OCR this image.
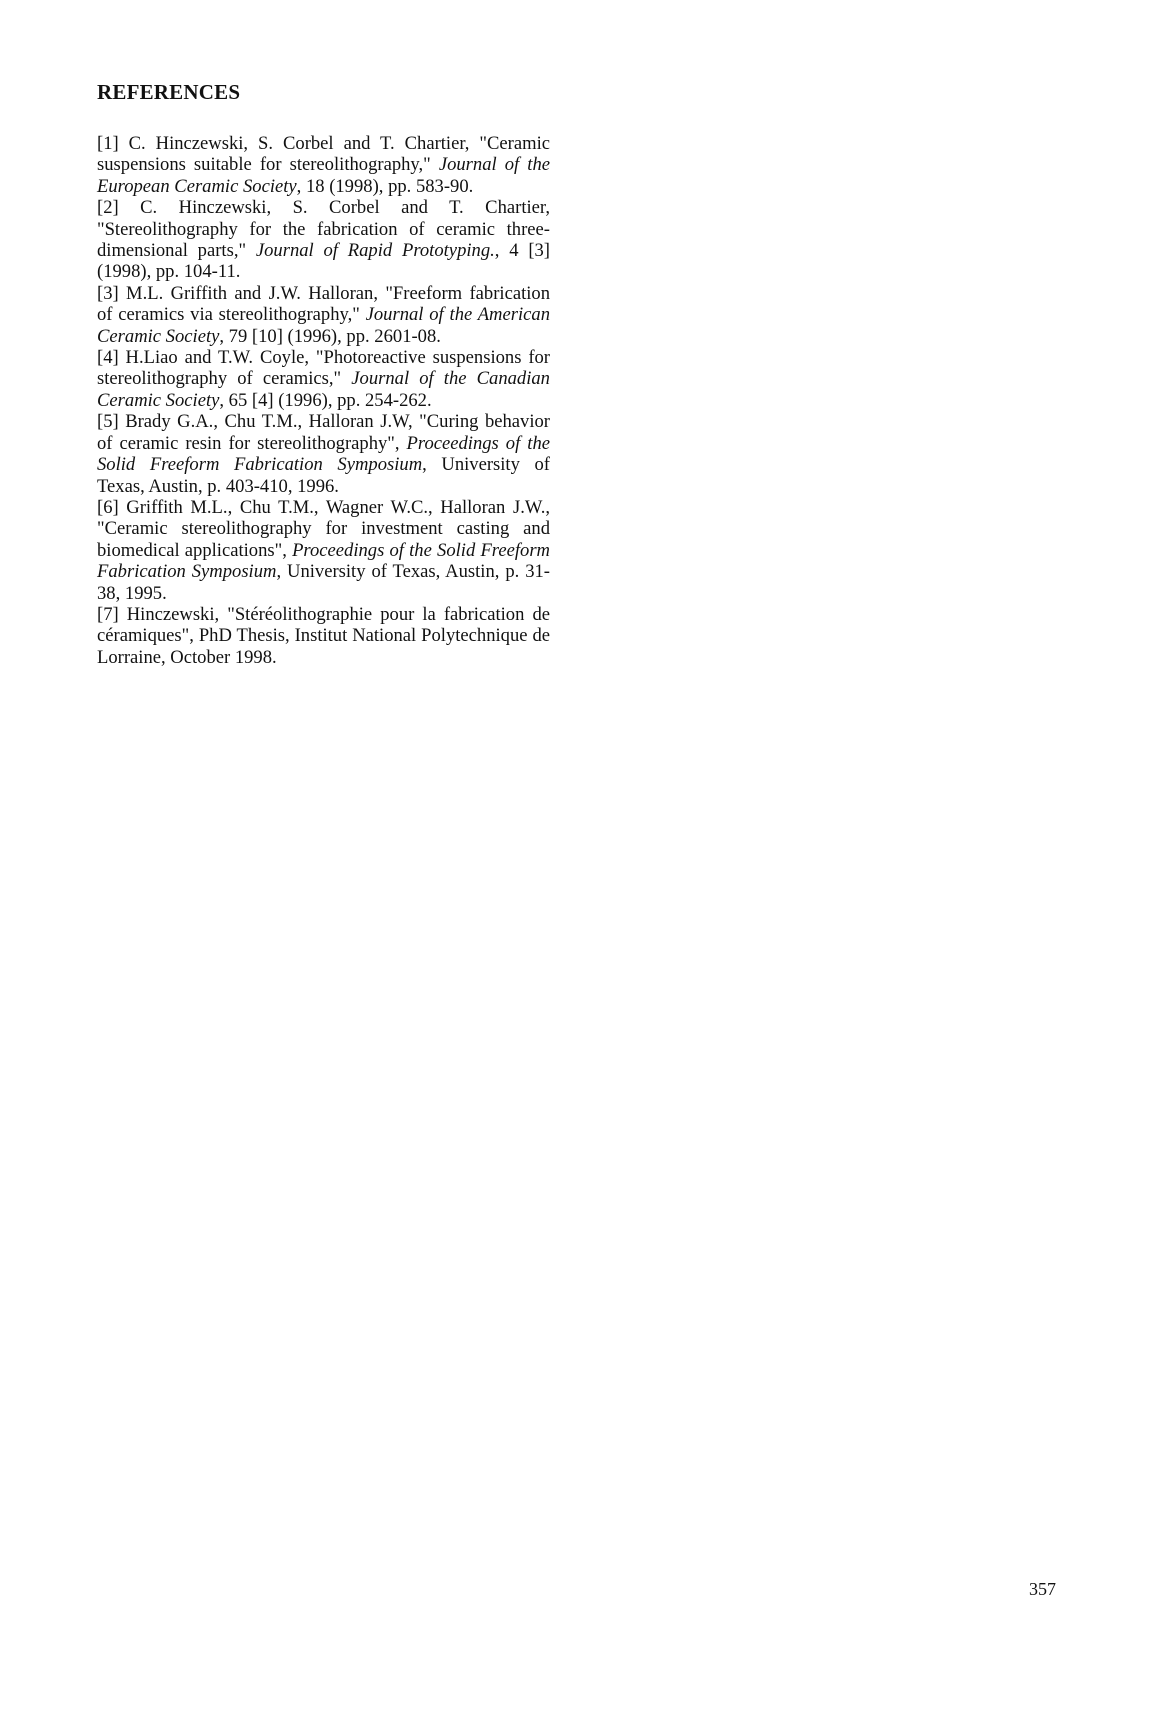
REFERENCES

[1] C. Hinczewski, S. Corbel and T. Chartier, "Ceramic suspensions suitable for stereolithography," Journal of the European Ceramic Society, 18 (1998), pp. 583-90.

[2] C. Hinczewski, S. Corbel and T. Chartier, "Stereolithography for the fabrication of ceramic three-dimensional parts," Journal of Rapid Prototyping., 4 [3] (1998), pp. 104-11.

[3] M.L. Griffith and J.W. Halloran, "Freeform fabrication of ceramics via stereolithography," Journal of the American Ceramic Society, 79 [10] (1996), pp. 2601-08.

[4] H.Liao and T.W. Coyle, "Photoreactive suspensions for stereolithography of ceramics," Journal of the Canadian Ceramic Society, 65 [4] (1996), pp. 254-262.

[5] Brady G.A., Chu T.M., Halloran J.W, "Curing behavior of ceramic resin for stereolithography", Proceedings of the Solid Freeform Fabrication Symposium, University of Texas, Austin, p. 403-410, 1996.

[6] Griffith M.L., Chu T.M., Wagner W.C., Halloran J.W., "Ceramic stereolithography for investment casting and biomedical applications", Proceedings of the Solid Freeform Fabrication Symposium, University of Texas, Austin, p. 31-38, 1995.

[7] Hinczewski, "Stéréolithographie pour la fabrication de céramiques", PhD Thesis, Institut National Polytechnique de Lorraine, October 1998.

357
